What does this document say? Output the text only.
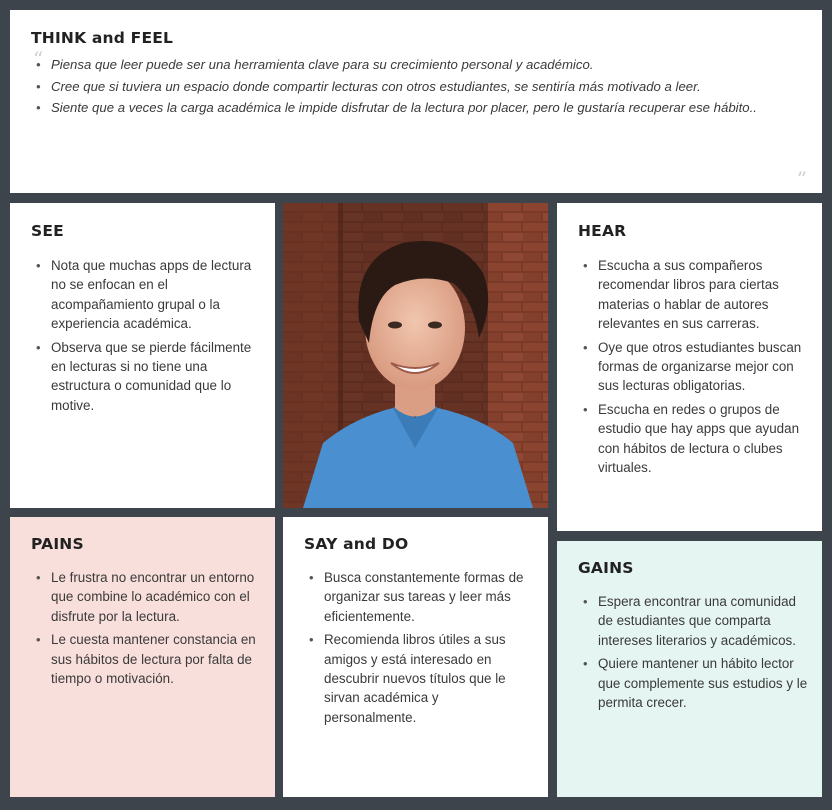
THINK and FEEL
“
• Piensa que leer puede ser una herramienta clave para su crecimiento personal y académico.
• Cree que si tuviera un espacio donde compartir lecturas con otros estudiantes, se sentiría más motivado a leer.
• Siente que a veces la carga académica le impide disfrutar de la lectura por placer, pero le gustaría recuperar ese hábito..
”
SEE
• Nota que muchas apps de lectura no se enfocan en el acompañamiento grupal o la experiencia académica.
• Observa que se pierde fácilmente en lecturas si no tiene una estructura o comunidad que lo motive.
HEAR
• Escucha a sus compañeros recomendar libros para ciertas materias o hablar de autores relevantes en sus carreras.
• Oye que otros estudiantes buscan formas de organizarse mejor con sus lecturas obligatorias.
• Escucha en redes o grupos de estudio que hay apps que ayudan con hábitos de lectura o clubes virtuales.
PAINS
• Le frustra no encontrar un entorno que combine lo académico con el disfrute por la lectura.
• Le cuesta mantener constancia en sus hábitos de lectura por falta de tiempo o motivación.
SAY and DO
• Busca constantemente formas de organizar sus tareas y leer más eficientemente.
• Recomienda libros útiles a sus amigos y está interesado en descubrir nuevos títulos que le sirvan académica y personalmente.
GAINS
• Espera encontrar una comunidad de estudiantes que comparta intereses literarios y académicos.
• Quiere mantener un hábito lector que complemente sus estudios y le permita crecer.
